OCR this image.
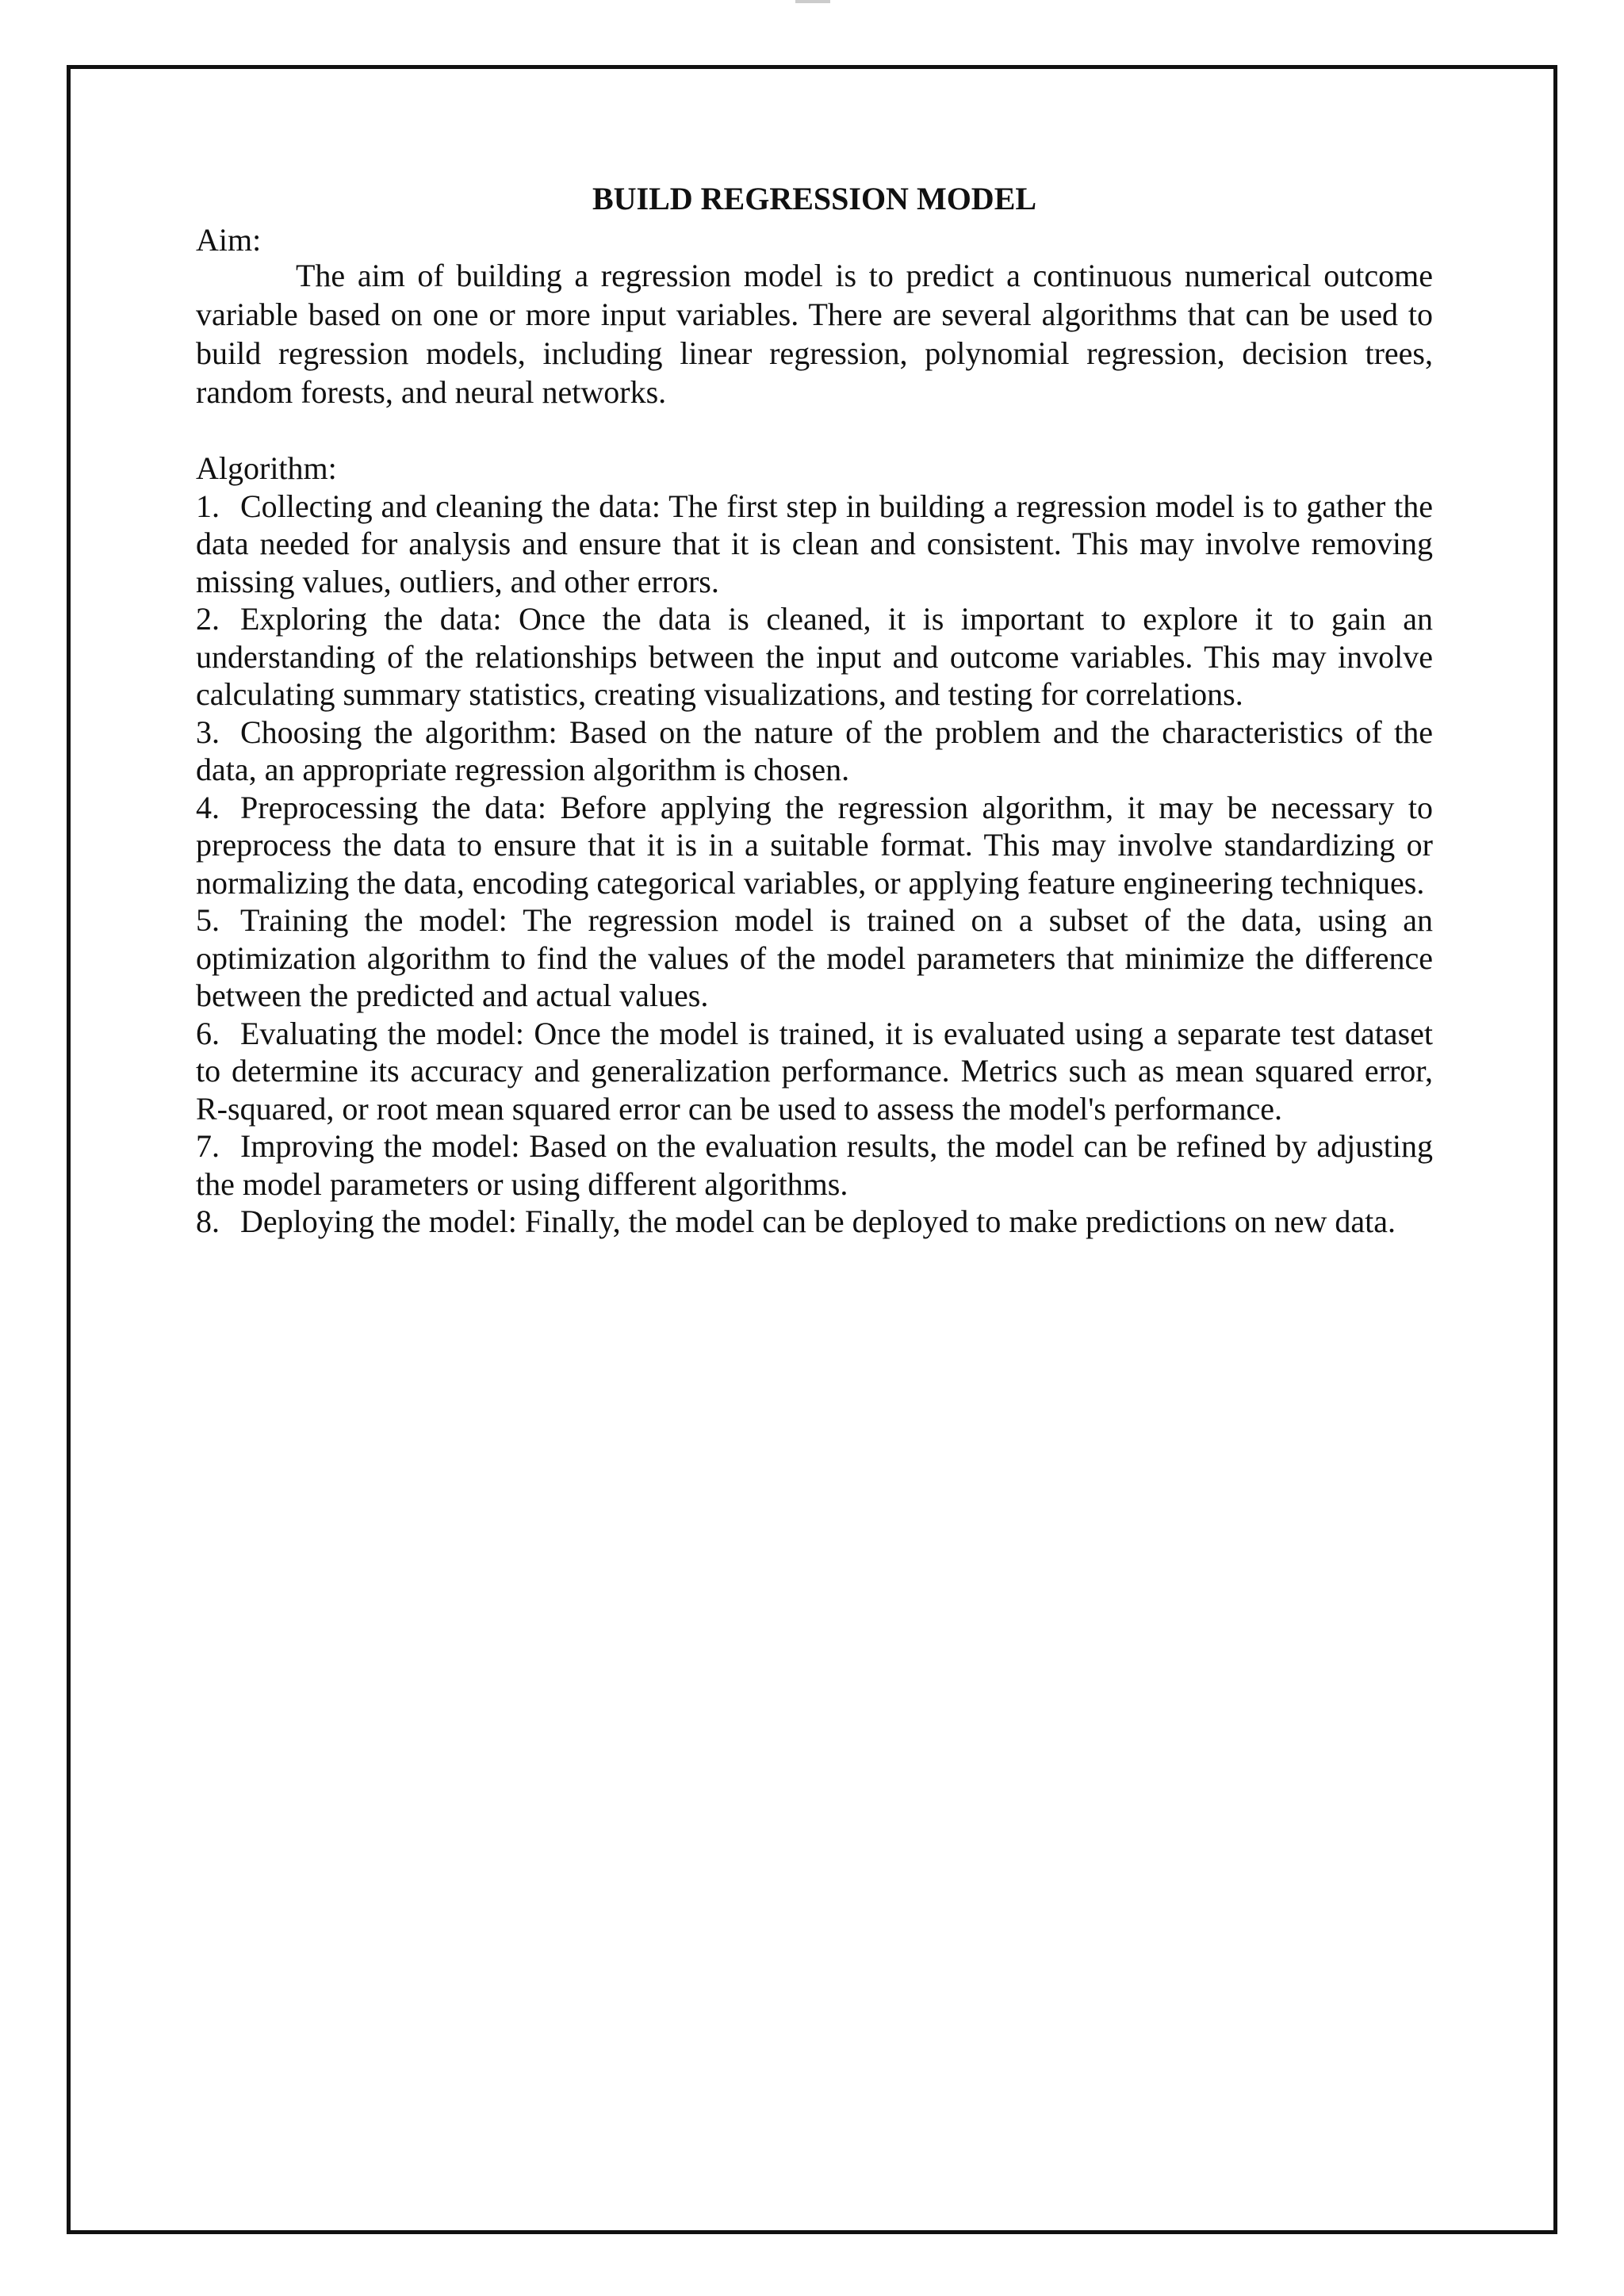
BUILD REGRESSION MODEL

Aim:

The aim of building a regression model is to predict a continuous numerical outcome variable based on one or more input variables. There are several algorithms that can be used to build regression models, including linear regression, polynomial regression, decision trees, random forests, and neural networks.

Algorithm:

1. Collecting and cleaning the data: The first step in building a regression model is to gather the data needed for analysis and ensure that it is clean and consistent. This may involve removing missing values, outliers, and other errors.
2. Exploring the data: Once the data is cleaned, it is important to explore it to gain an understanding of the relationships between the input and outcome variables. This may involve calculating summary statistics, creating visualizations, and testing for correlations.
3. Choosing the algorithm: Based on the nature of the problem and the characteristics of the data, an appropriate regression algorithm is chosen.
4. Preprocessing the data: Before applying the regression algorithm, it may be necessary to preprocess the data to ensure that it is in a suitable format. This may involve standardizing or normalizing the data, encoding categorical variables, or applying feature engineering techniques.
5. Training the model: The regression model is trained on a subset of the data, using an optimization algorithm to find the values of the model parameters that minimize the difference between the predicted and actual values.
6. Evaluating the model: Once the model is trained, it is evaluated using a separate test dataset to determine its accuracy and generalization performance. Metrics such as mean squared error, R-squared, or root mean squared error can be used to assess the model's performance.
7. Improving the model: Based on the evaluation results, the model can be refined by adjusting the model parameters or using different algorithms.
8. Deploying the model: Finally, the model can be deployed to make predictions on new data.
